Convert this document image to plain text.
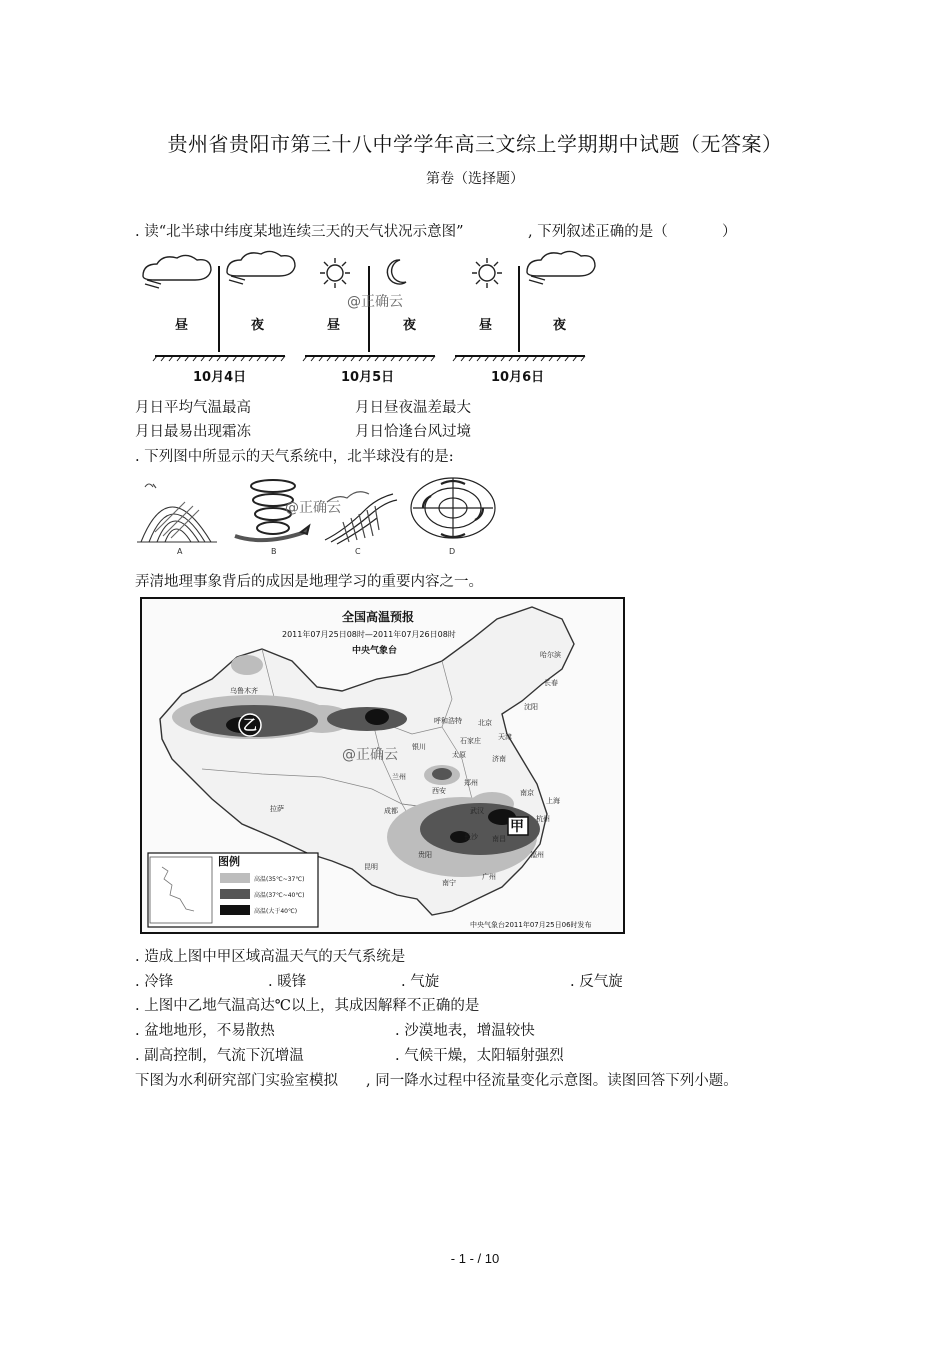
贵州省贵阳市第三十八中学学年高三文综上学期期中试题（无答案）
第卷（选择题）
. 读“北半球中纬度某地连续三天的天气状况示意图”	, 下列叙述正确的是（	）
昼	夜	昼	夜	昼	夜
10月4日	10月5日	10月6日
@正确云
月日平均气温最高	月日昼夜温差最大
月日最易出现霜冻	月日恰逢台风过境
. 下列图中所显示的天气系统中，北半球没有的是:
A	B	C	D
@正确云
弄清地理事象背后的成因是地理学习的重要内容之一。
乙
甲
全国高温预报
2011年07月25日08时—2011年07月26日08时
中央气象台
乌鲁木齐
呼和浩特 北京
天津
石家庄
太原	济南
兰州
西安
郑州
拉萨	成都	武汉
南京
上海
杭州
长沙 南昌
福州
贵阳
昆明
南宁
广州
哈尔滨
长春
沈阳
银川
@正确云
图例
高温(35℃~37℃)
高温(37℃~40℃)
高温(大于40℃)
中央气象台2011年07月25日06时发布
. 造成上图中甲区域高温天气的天气系统是
. 冷锋	. 暖锋	. 气旋	. 反气旋
. 上图中乙地气温高达℃以上，其成因解释不正确的是
. 盆地地形，不易散热	. 沙漠地表，增温较快
. 副高控制，气流下沉增温	. 气候干燥，太阳辐射强烈
下图为水利研究部门实验室模拟 , 同一降水过程中径流量变化示意图。读图回答下列小题。
- 1 - / 10
